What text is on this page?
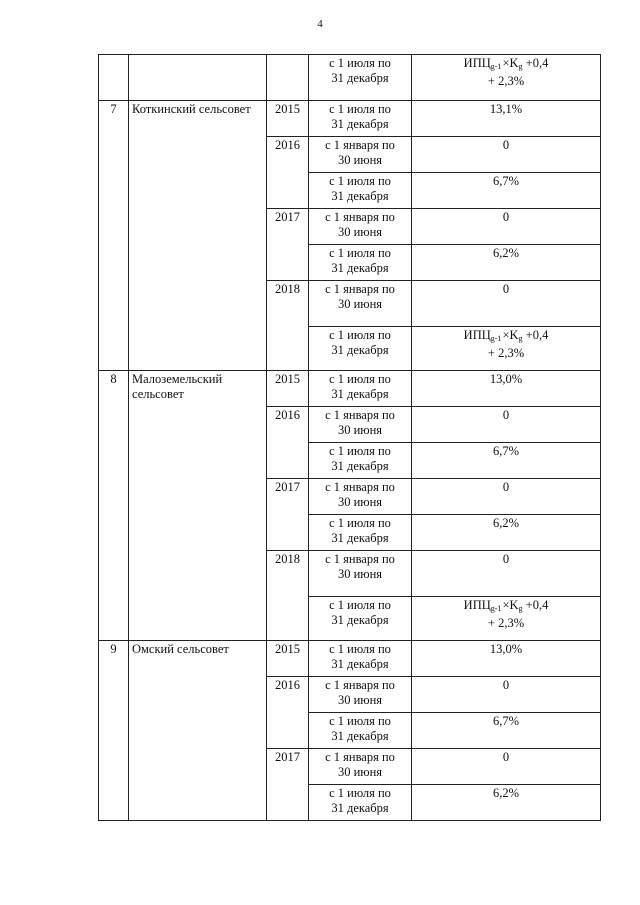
4
			с 1 июля по
31 декабря	$ИПЦ_{g-1}\times K_g +0,4$
+ 2,3%

7	Коткинский сельсовет	2015	с 1 июля по
31 декабря	13,1%
		2016	с 1 января по
30 июня	0
			с 1 июля по
31 декабря	6,7%
		2017	с 1 января по
30 июня	0
			с 1 июля по
31 декабря	6,2%
		2018	с 1 января по
30 июня	0
			с 1 июля по
31 декабря	$ИПЦ_{g-1}\times K_g +0,4$
+ 2,3%

8	Малоземельский сельсовет	2015	с 1 июля по
31 декабря	13,0%
		2016	с 1 января по
30 июня	0
			с 1 июля по
31 декабря	6,7%
		2017	с 1 января по
30 июня	0
			с 1 июля по
31 декабря	6,2%
		2018	с 1 января по
30 июня	0
			с 1 июля по
31 декабря	$ИПЦ_{g-1}\times K_g +0,4$
+ 2,3%

9	Омский сельсовет	2015	с 1 июля по
31 декабря	13,0%
		2016	с 1 января по
30 июня	0
			с 1 июля по
31 декабря	6,7%
		2017	с 1 января по
30 июня	0
			с 1 июля по
31 декабря	6,2%
